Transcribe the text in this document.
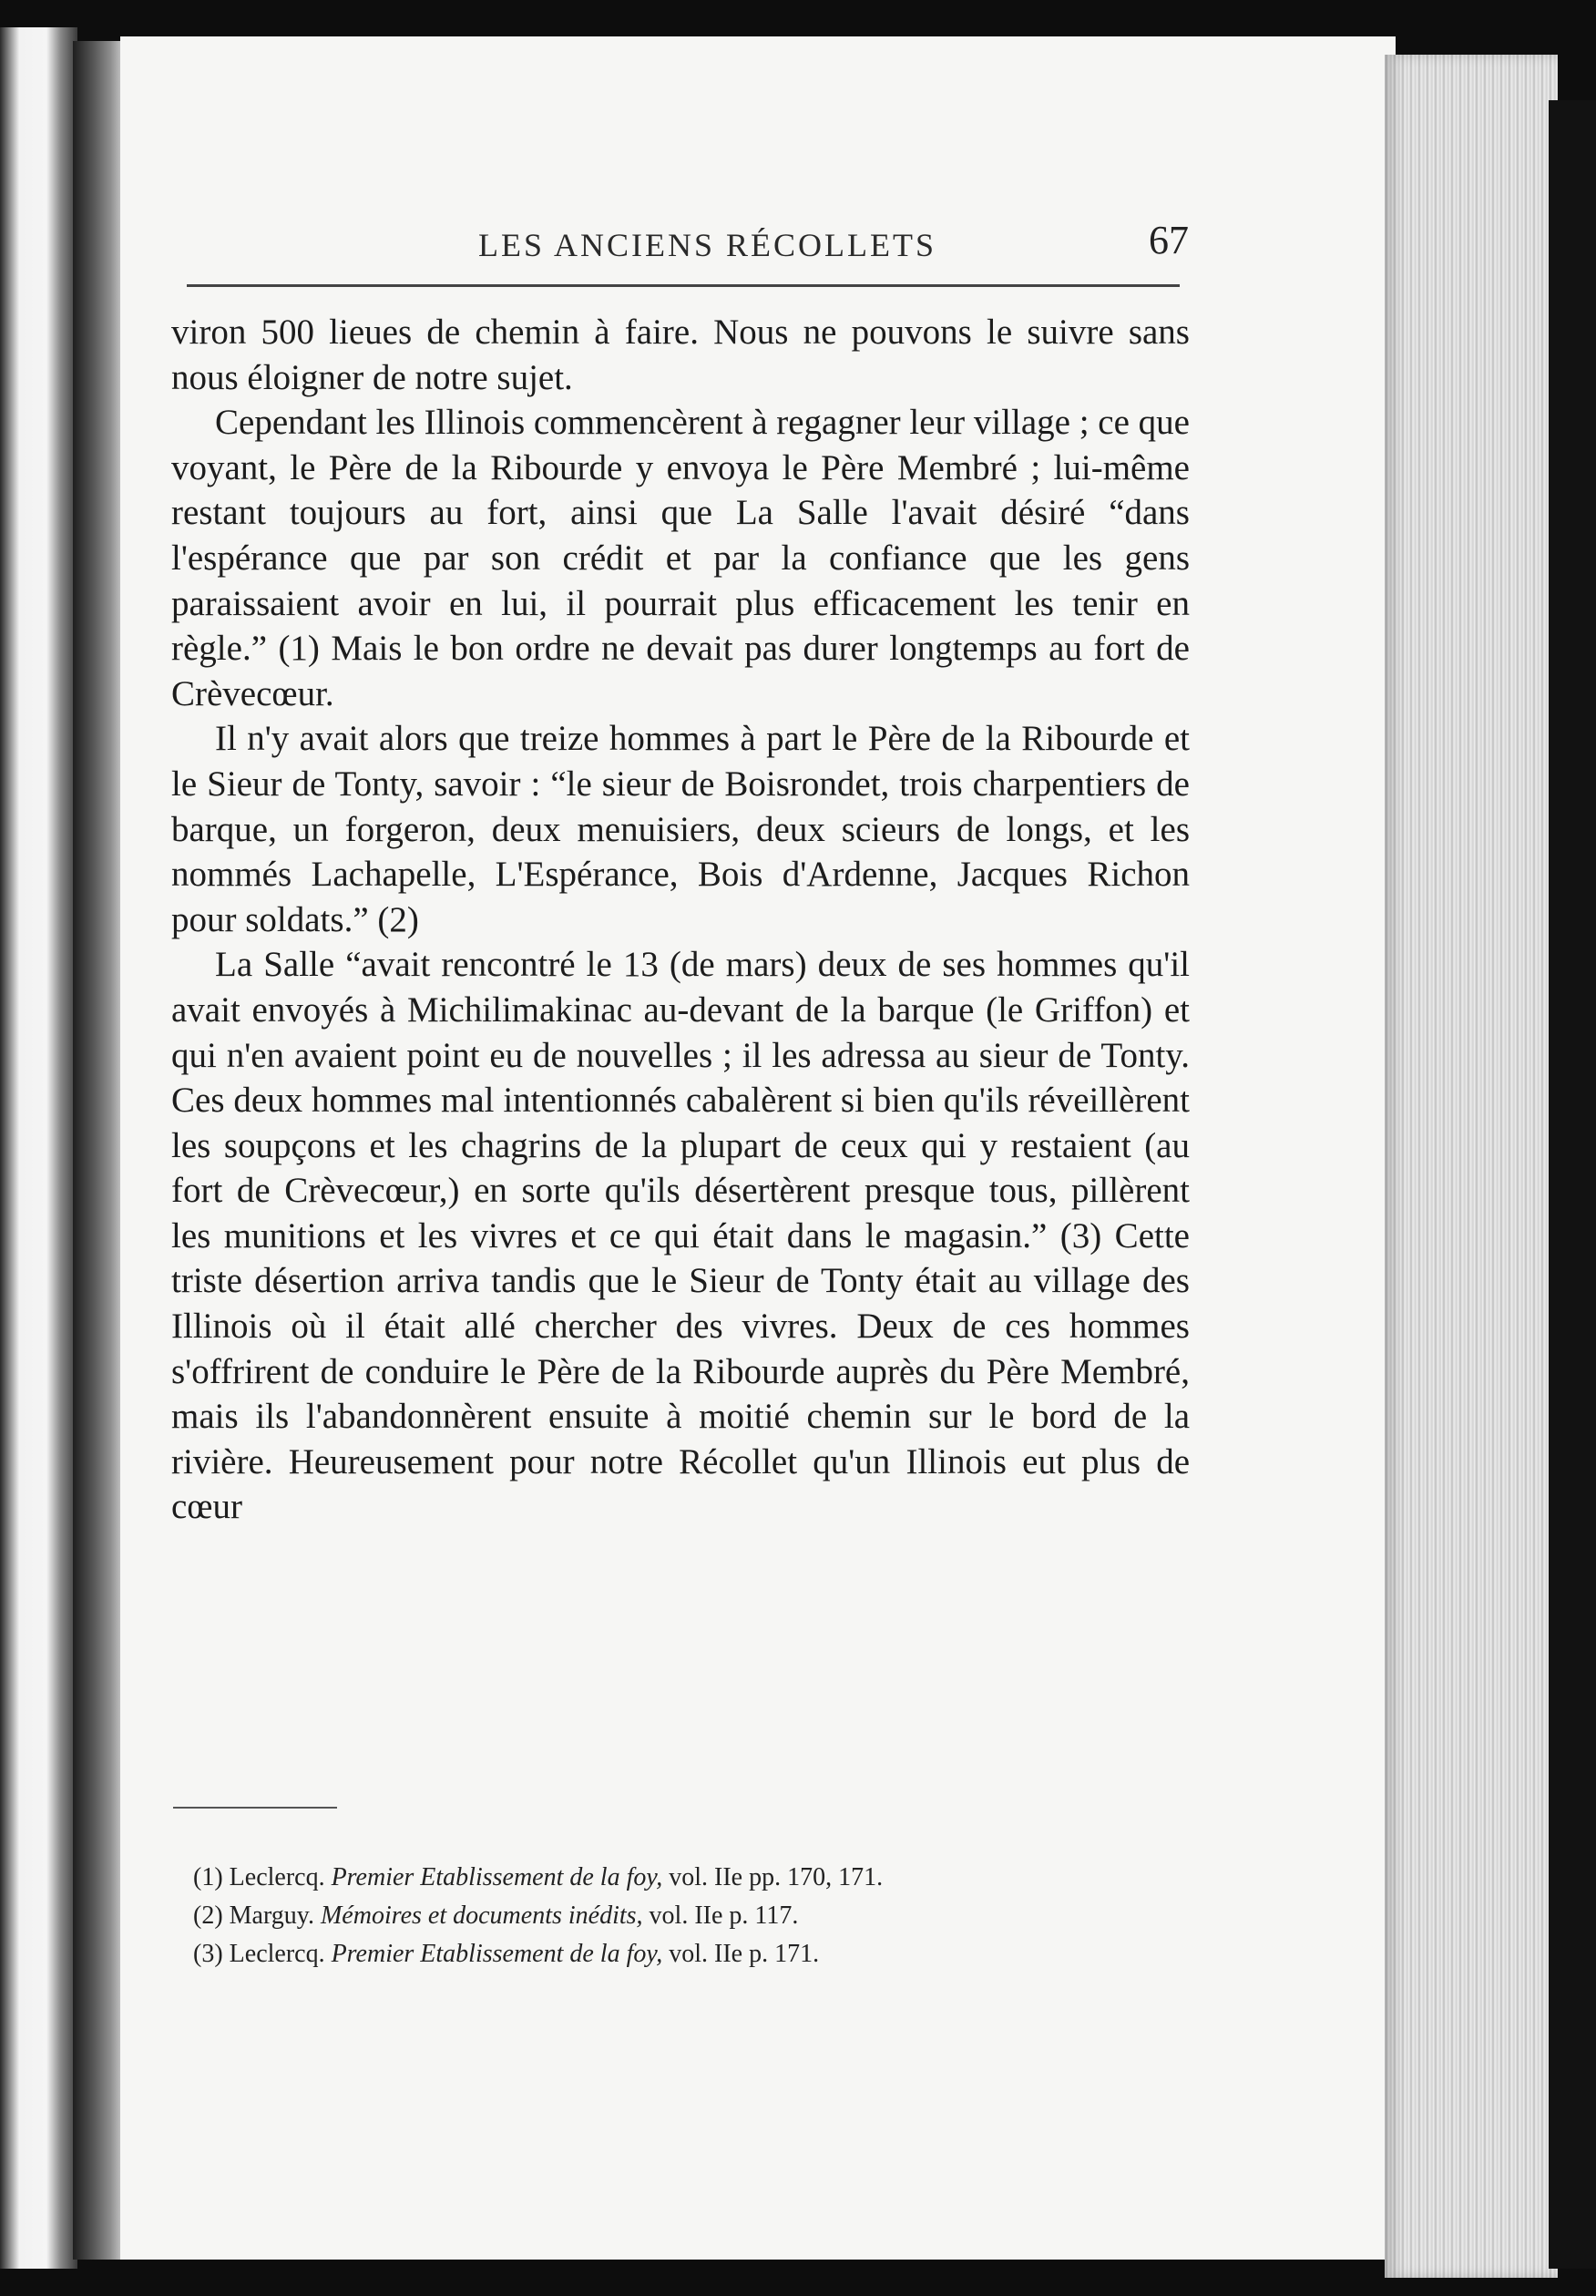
LES ANCIENS RÉCOLLETS	67

viron 500 lieues de chemin à faire. Nous ne pouvons le suivre sans nous éloigner de notre sujet.

Cependant les Illinois commencèrent à regagner leur village ; ce que voyant, le Père de la Ribourde y envoya le Père Membré ; lui-même restant toujours au fort, ainsi que La Salle l'avait désiré “dans l'espérance que par son crédit et par la confiance que les gens paraissaient avoir en lui, il pourrait plus efficacement les tenir en règle.” (1) Mais le bon ordre ne devait pas durer longtemps au fort de Crèvecœur.

Il n'y avait alors que treize hommes à part le Père de la Ribourde et le Sieur de Tonty, savoir : “le sieur de Boisrondet, trois charpentiers de barque, un forgeron, deux menuisiers, deux scieurs de longs, et les nommés Lachapelle, L'Espérance, Bois d'Ardenne, Jacques Richon pour soldats.” (2)

La Salle “avait rencontré le 13 (de mars) deux de ses hommes qu'il avait envoyés à Michilimakinac au-devant de la barque (le Griffon) et qui n'en avaient point eu de nouvelles ; il les adressa au sieur de Tonty. Ces deux hommes mal intentionnés cabalèrent si bien qu'ils réveillèrent les soupçons et les chagrins de la plupart de ceux qui y restaient (au fort de Crèvecœur,) en sorte qu'ils désertèrent presque tous, pillèrent les munitions et les vivres et ce qui était dans le magasin.” (3) Cette triste désertion arriva tandis que le Sieur de Tonty était au village des Illinois où il était allé chercher des vivres. Deux de ces hommes s'offrirent de conduire le Père de la Ribourde auprès du Père Membré, mais ils l'abandonnèrent ensuite à moitié chemin sur le bord de la rivière. Heureusement pour notre Récollet qu'un Illinois eut plus de cœur

(1) Leclercq. Premier Etablissement de la foy, vol. IIe pp. 170, 171.
(2) Marguy. Mémoires et documents inédits, vol. IIe p. 117.
(3) Leclercq. Premier Etablissement de la foy, vol. IIe p. 171.
